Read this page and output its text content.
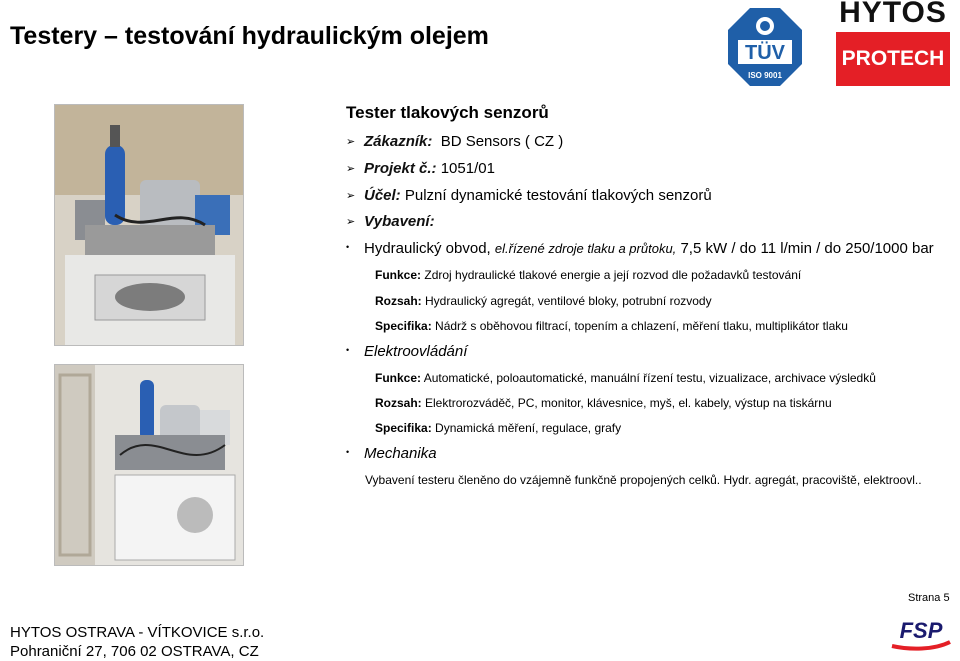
Testery – testování hydraulickým olejem
TÜV
ISO 9001
HYTOS
PROTECH
Tester tlakových senzorů
➢ Zákazník: BD Sensors ( CZ )
➢ Projekt č.: 1051/01
➢ Účel: Pulzní dynamické testování tlakových senzorů
➢ Vybavení:
• Hydraulický obvod, el.řízené zdroje tlaku a průtoku, 7,5 kW / do 11 l/min / do 250/1000 bar
Funkce: Zdroj hydraulické tlakové energie a její rozvod dle požadavků testování
Rozsah: Hydraulický agregát, ventilové bloky, potrubní rozvody
Specifika: Nádrž s oběhovou filtrací, topením a chlazení, měření tlaku, multiplikátor tlaku
• Elektroovládání
Funkce: Automatické, poloautomatické, manuální řízení testu, vizualizace, archivace výsledků
Rozsah: Elektrorozváděč, PC, monitor, klávesnice, myš, el. kabely, výstup na tiskárnu
Specifika: Dynamická měření, regulace, grafy
• Mechanika
Vybavení testeru členěno do vzájemně funkčně propojených celků. Hydr. agregát, pracoviště, elektroovl..
Strana 5
HYTOS OSTRAVA - VÍTKOVICE s.r.o.
Pohraniční 27, 706 02 OSTRAVA, CZ
FSP
